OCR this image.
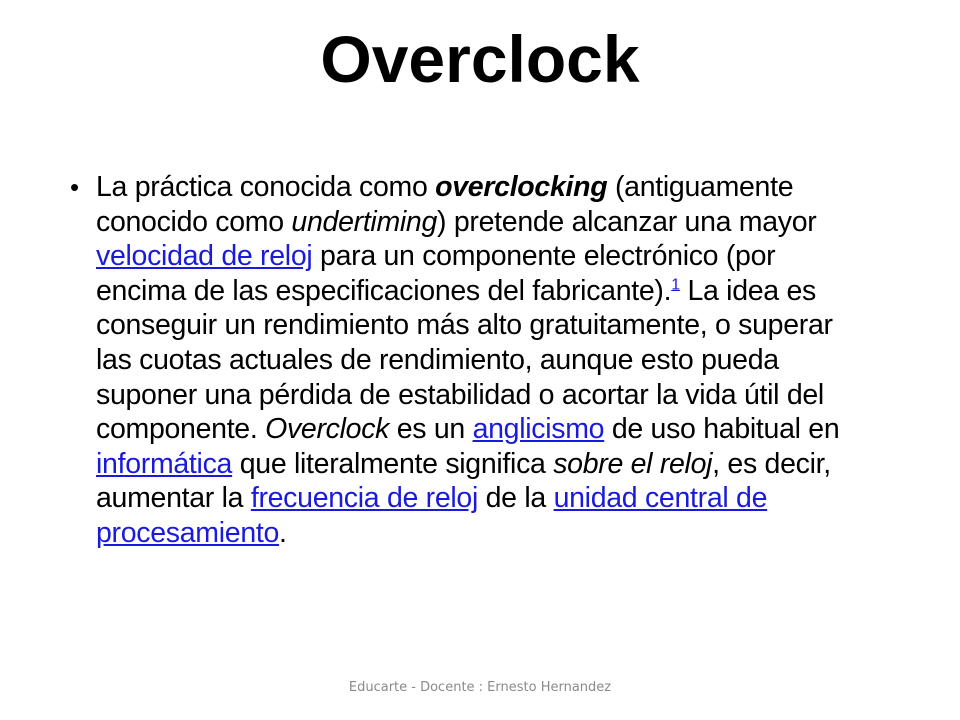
Overclock
• La práctica conocida como overclocking (antiguamente conocido como undertiming) pretende alcanzar una mayor velocidad de reloj para un componente electrónico (por encima de las especificaciones del fabricante).$^1$ La idea es conseguir un rendimiento más alto gratuitamente, o superar las cuotas actuales de rendimiento, aunque esto pueda suponer una pérdida de estabilidad o acortar la vida útil del componente. Overclock es un anglicismo de uso habitual en informática que literalmente significa sobre el reloj, es decir, aumentar la frecuencia de reloj de la unidad central de procesamiento.

Educarte - Docente : Ernesto Hernandez
